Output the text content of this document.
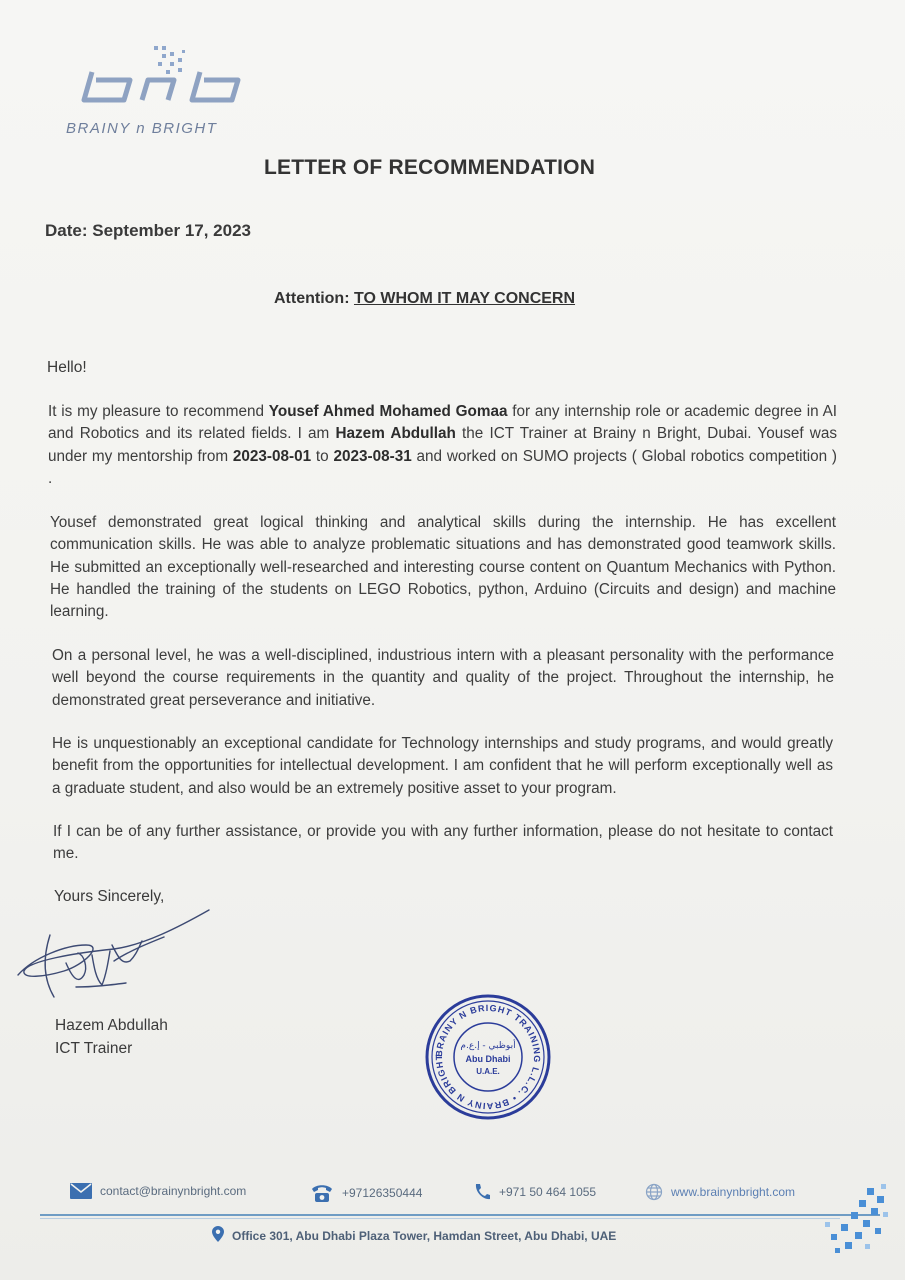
BRAINY n BRIGHT
LETTER OF RECOMMENDATION
Date: September 17, 2023
Attention: TO WHOM IT MAY CONCERN
Hello!
It is my pleasure to recommend Yousef Ahmed Mohamed Gomaa for any internship role or academic degree in AI and Robotics and its related fields. I am Hazem Abdullah the ICT Trainer at Brainy n Bright, Dubai. Yousef was under my mentorship from 2023-08-01 to 2023-08-31 and worked on SUMO projects ( Global robotics competition ) .
Yousef demonstrated great logical thinking and analytical skills during the internship. He has excellent communication skills. He was able to analyze problematic situations and has demonstrated good teamwork skills. He submitted an exceptionally well-researched and interesting course content on Quantum Mechanics with Python. He handled the training of the students on LEGO Robotics, python, Arduino (Circuits and design) and machine learning.
On a personal level, he was a well-disciplined, industrious intern with a pleasant personality with the performance well beyond the course requirements in the quantity and quality of the project. Throughout the internship, he demonstrated great perseverance and initiative.
He is unquestionably an exceptional candidate for Technology internships and study programs, and would greatly benefit from the opportunities for intellectual development. I am confident that he will perform exceptionally well as a graduate student, and also would be an extremely positive asset to your program.
If I can be of any further assistance, or provide you with any further information, please do not hesitate to contact me.
Yours Sincerely,
Hazem Abdullah
ICT Trainer	BRAINY N BRIGHT TRAINING L.L.C. • BRAINY N BRIGHT
أبوظبي - إ.ع.م
Abu Dhabi
U.A.E.
contact@brainynbright.com	+97126350444	+971 50 464 1055	www.brainynbright.com
Office 301, Abu Dhabi Plaza Tower, Hamdan Street, Abu Dhabi, UAE
